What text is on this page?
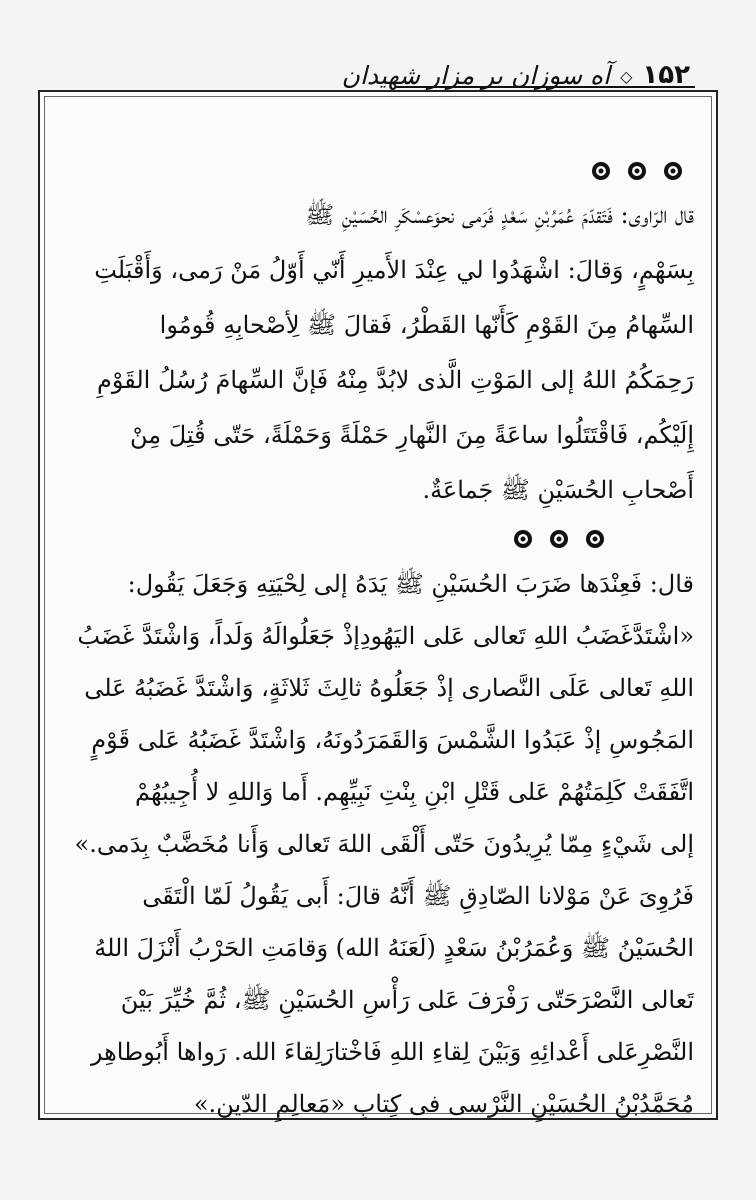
۱۵۲
◇
آه سوزان بر مزار شهیدان
قال الرّاوی: فَتَقدّمَ عُمَرُبْنِ سَعْدٍ فَرَمی نحوَعسْكَرِ الحُسَيْنِ ﷺ
بِسَهْمٍ، وَقالَ: اشْهَدُوا لي عِنْدَ الأَميرِ أَنّي أَوّلُ مَنْ رَمى، وَأَقْبَلَتِ
السِّهامُ مِنَ القَوْمِ كَأَنّها القَطْرُ، فَقالَ ﷺ لِأصْحابِهِ قُومُوا
رَحِمَكُمُ اللهُ إلى المَوْتِ الَّذی لابُدَّ مِنْهُ فَإنَّ السِّهامَ رُسُلُ القَوْمِ
إِلَيْكُم، فَاقْتَتَلُوا ساعَةً مِنَ النَّهارِ حَمْلَةً وَحَمْلَةً، حَتّى قُتِلَ مِنْ
أَصْحابِ الحُسَيْنِ ﷺ جَماعَةٌ.
قال: فَعِنْدَها ضَرَبَ الحُسَيْنِ ﷺ يَدَهُ إلى لِحْيَتِهِ وَجَعَلَ يَقُول:
«اشْتَدَّغَضَبُ اللهِ تَعالى عَلى اليَهُودِإذْ جَعَلُوالَهُ وَلَداً، وَاشْتَدَّ غَضَبُ
اللهِ تَعالى عَلَى النَّصارى إذْ جَعَلُوهُ ثالِثَ ثَلاثَةٍ، وَاشْتَدَّ غَضَبُهُ عَلى
المَجُوسِ إذْ عَبَدُوا الشَّمْسَ وَالقَمَرَدُونَهُ، وَاشْتَدَّ غَضَبُهُ عَلى قَوْمٍ
اتَّفَقَتْ كَلِمَتُهُمْ عَلى قَتْلِ ابْنِ بِنْتِ نَبِيِّهِم. أَما وَاللهِ لا أُجِيبُهُمْ
إلى شَيْءٍ مِمّا يُرِيدُونَ حَتّى أَلْقَى اللهَ تَعالى وَأَنا مُخَضَّبٌ بِدَمی.»
فَرُوِیَ عَنْ مَوْلانا الصّادِقِ ﷺ أَنَّهُ قالَ: أَبی يَقُولُ لَمّا الْتَقَى
الحُسَيْنُ ﷺ وَعُمَرُبْنُ سَعْدٍ (لَعَنَهُ الله) وَقامَتِ الحَرْبُ أَنْزَلَ اللهُ
تَعالى النَّصْرَحَتّى رَفْرَفَ عَلى رَأْسِ الحُسَيْنِ ﷺ، ثُمَّ خُيِّرَ بَيْنَ
النَّصْرِعَلى أَعْدائِهِ وَبَيْنَ لِقاءِ اللهِ فَاخْتارَلِقاءَ الله. رَواها أَبُوطاهِر
مُحَمَّدُبْنُ الحُسَيْنِ النَّرْسی فی كِتابِ «مَعالِمِ الدّين.»
